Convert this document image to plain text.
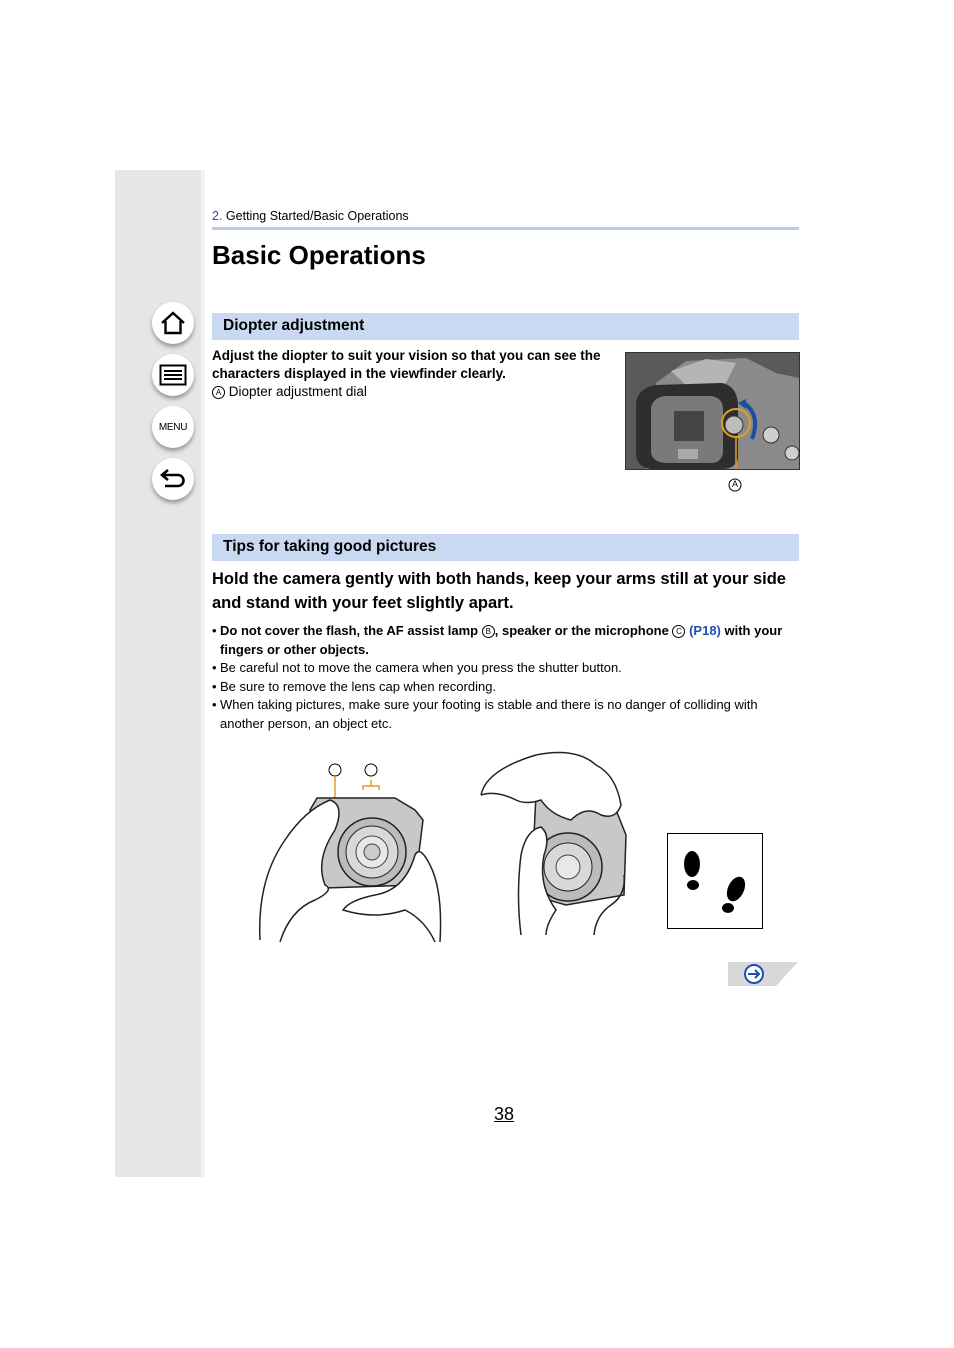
MENU
2. Getting Started/Basic Operations
Basic Operations
Diopter adjustment
Adjust the diopter to suit your vision so that you can see the characters displayed in the viewfinder clearly.
A Diopter adjustment dial
A
Tips for taking good pictures
Hold the camera gently with both hands, keep your arms still at your side and stand with your feet slightly apart.
• Do not cover the flash, the AF assist lamp B , speaker or the microphone C (P18) with your fingers or other objects.
• Be careful not to move the camera when you press the shutter button.
• Be sure to remove the lens cap when recording.
• When taking pictures, make sure your footing is stable and there is no danger of colliding with another person, an object etc.
38
